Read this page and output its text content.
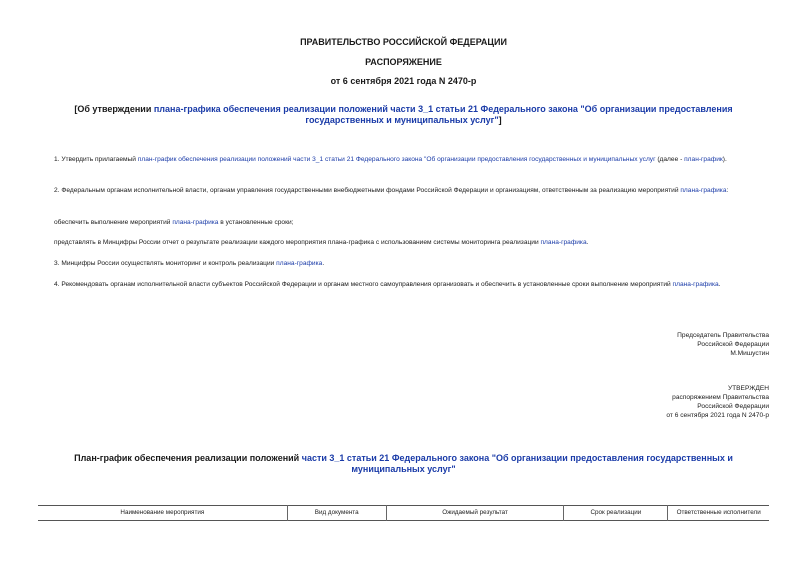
ПРАВИТЕЛЬСТВО РОССИЙСКОЙ ФЕДЕРАЦИИ
РАСПОРЯЖЕНИЕ
от 6 сентября 2021 года N 2470-р
[Об утверждении плана-графика обеспечения реализации положений части 3_1 статьи 21 Федерального закона "Об организации предоставления государственных и муниципальных услуг"]
1. Утвердить прилагаемый план-график обеспечения реализации положений части 3_1 статьи 21 Федерального закона "Об организации предоставления государственных и муниципальных услуг (далее - план-график).
2. Федеральным органам исполнительной власти, органам управления государственными внебюджетными фондами Российской Федерации и организациям, ответственным за реализацию мероприятий плана-графика:
обеспечить выполнение мероприятий плана-графика в установленные сроки;
представлять в Минцифры России отчет о результате реализации каждого мероприятия плана-графика с использованием системы мониторинга реализации плана-графика.
3. Минцифры России осуществлять мониторинг и контроль реализации плана-графика.
4. Рекомендовать органам исполнительной власти субъектов Российской Федерации и органам местного самоуправления организовать и обеспечить в установленные сроки выполнение мероприятий плана-графика.
Председатель Правительства
Российской Федерации
М.Мишустин
УТВЕРЖДЕН
распоряжением Правительства
Российской Федерации
от 6 сентября 2021 года N 2470-р
План-график обеспечения реализации положений части 3_1 статьи 21 Федерального закона "Об организации предоставления государственных и муниципальных услуг"
Наименование мероприятия	Вид документа	Ожидаемый результат	Срок реализации	Ответственные исполнители
